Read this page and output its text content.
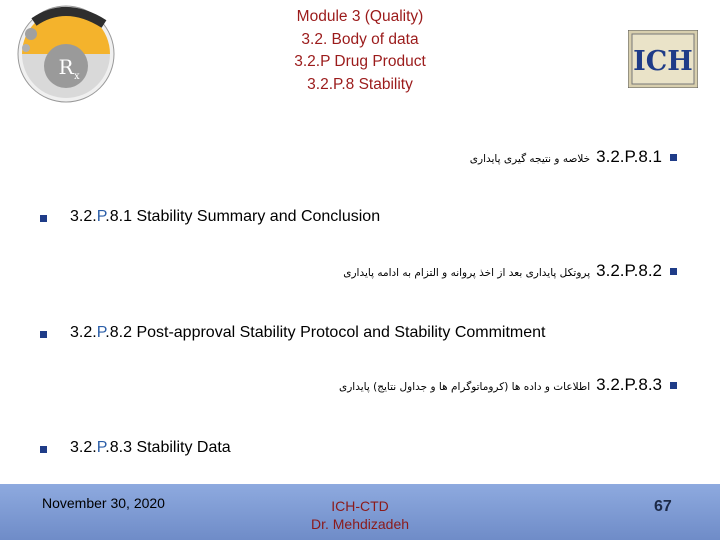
R x	ICH
Module 3 (Quality)
3.2. Body of data
3.2.P Drug Product
3.2.P.8 Stability
خلاصه و نتیجه گیری پایداری 3.2.P.8.1
3.2.P.8.1 Stability Summary and Conclusion
پروتکل پایداری بعد از اخذ پروانه و التزام به ادامه پایداری 3.2.P.8.2
3.2.P.8.2 Post-approval Stability Protocol and Stability Commitment
اطلاعات و داده ها (کروماتوگرام ها و جداول نتایج) پایداری 3.2.P.8.3
3.2.P.8.3 Stability Data
November 30, 2020	ICH-CTD
Dr. Mehdizadeh
67
